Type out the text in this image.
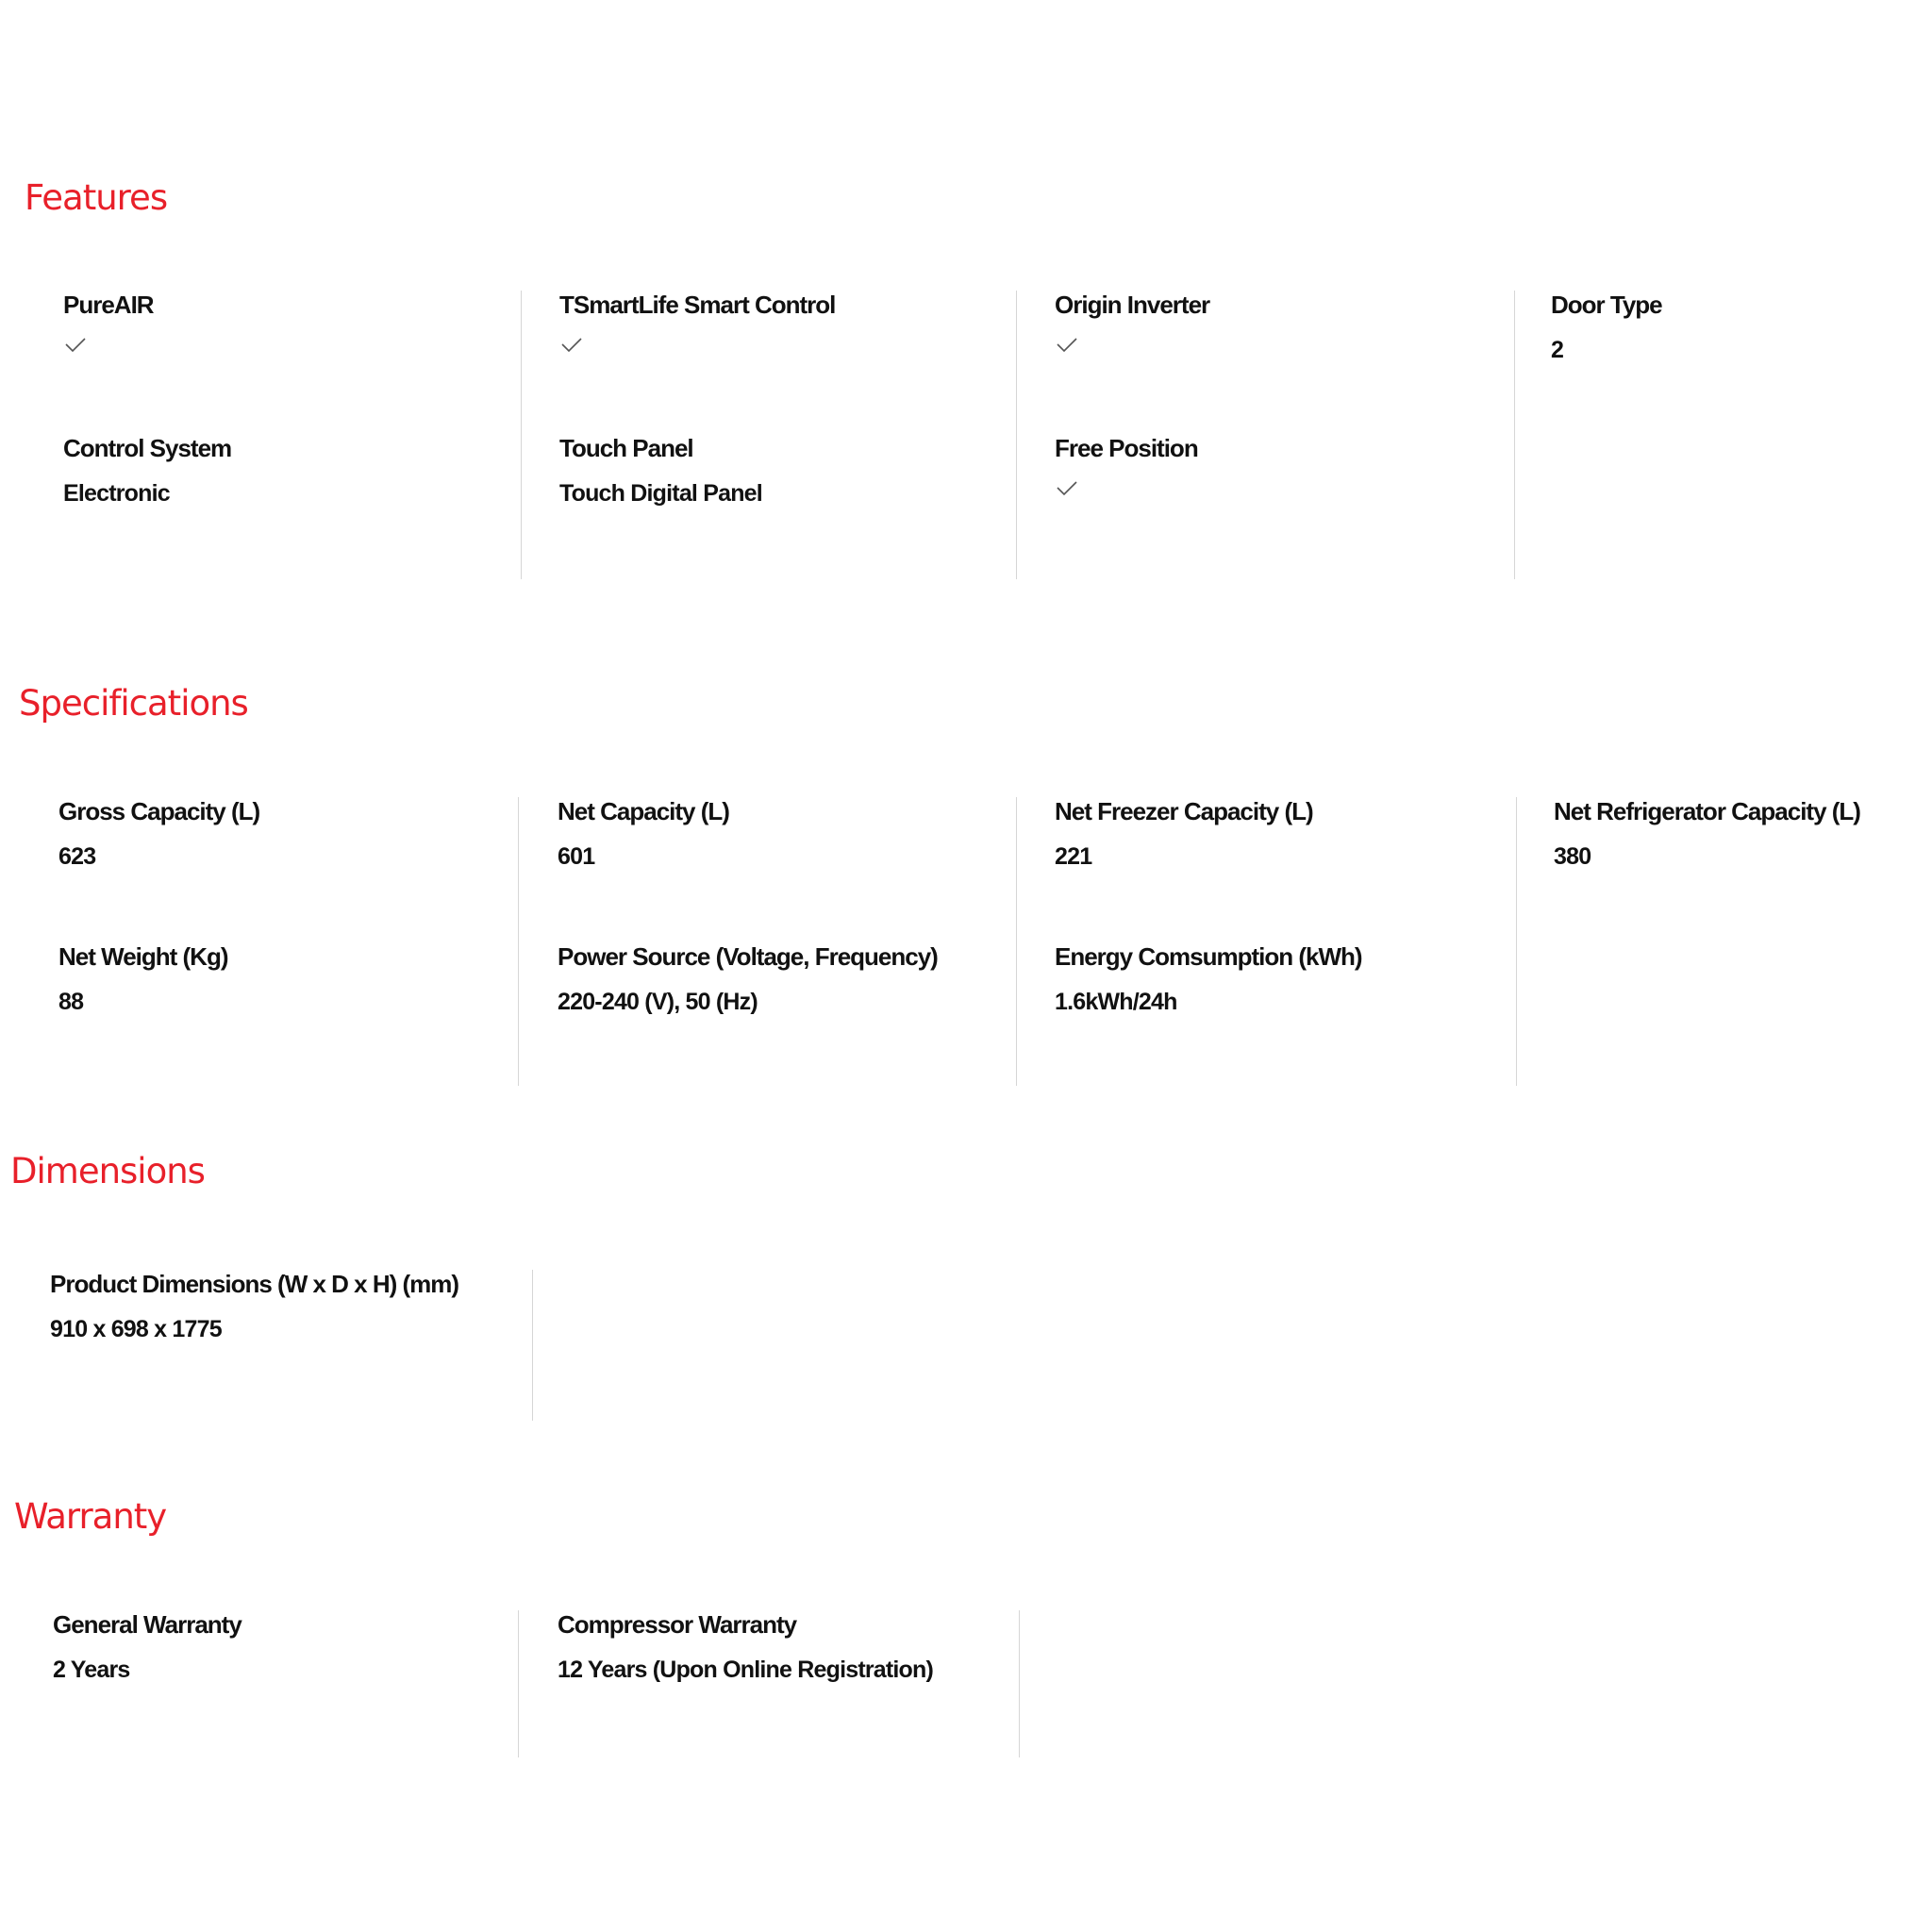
Features
PureAIR
Control System
Electronic
TSmartLife Smart Control
Touch Panel
Touch Digital Panel
Origin Inverter
Free Position
Door Type
2
Specifications
Gross Capacity (L)
623
Net Weight (Kg)
88
Net Capacity (L)
601
Power Source (Voltage, Frequency)
220-240 (V), 50 (Hz)
Net Freezer Capacity (L)
221
Energy Comsumption (kWh)
1.6kWh/24h
Net Refrigerator Capacity (L)
380
Dimensions
Product Dimensions (W x D x H) (mm)
910 x 698 x 1775
Warranty
General Warranty
2 Years
Compressor Warranty
12 Years (Upon Online Registration)
